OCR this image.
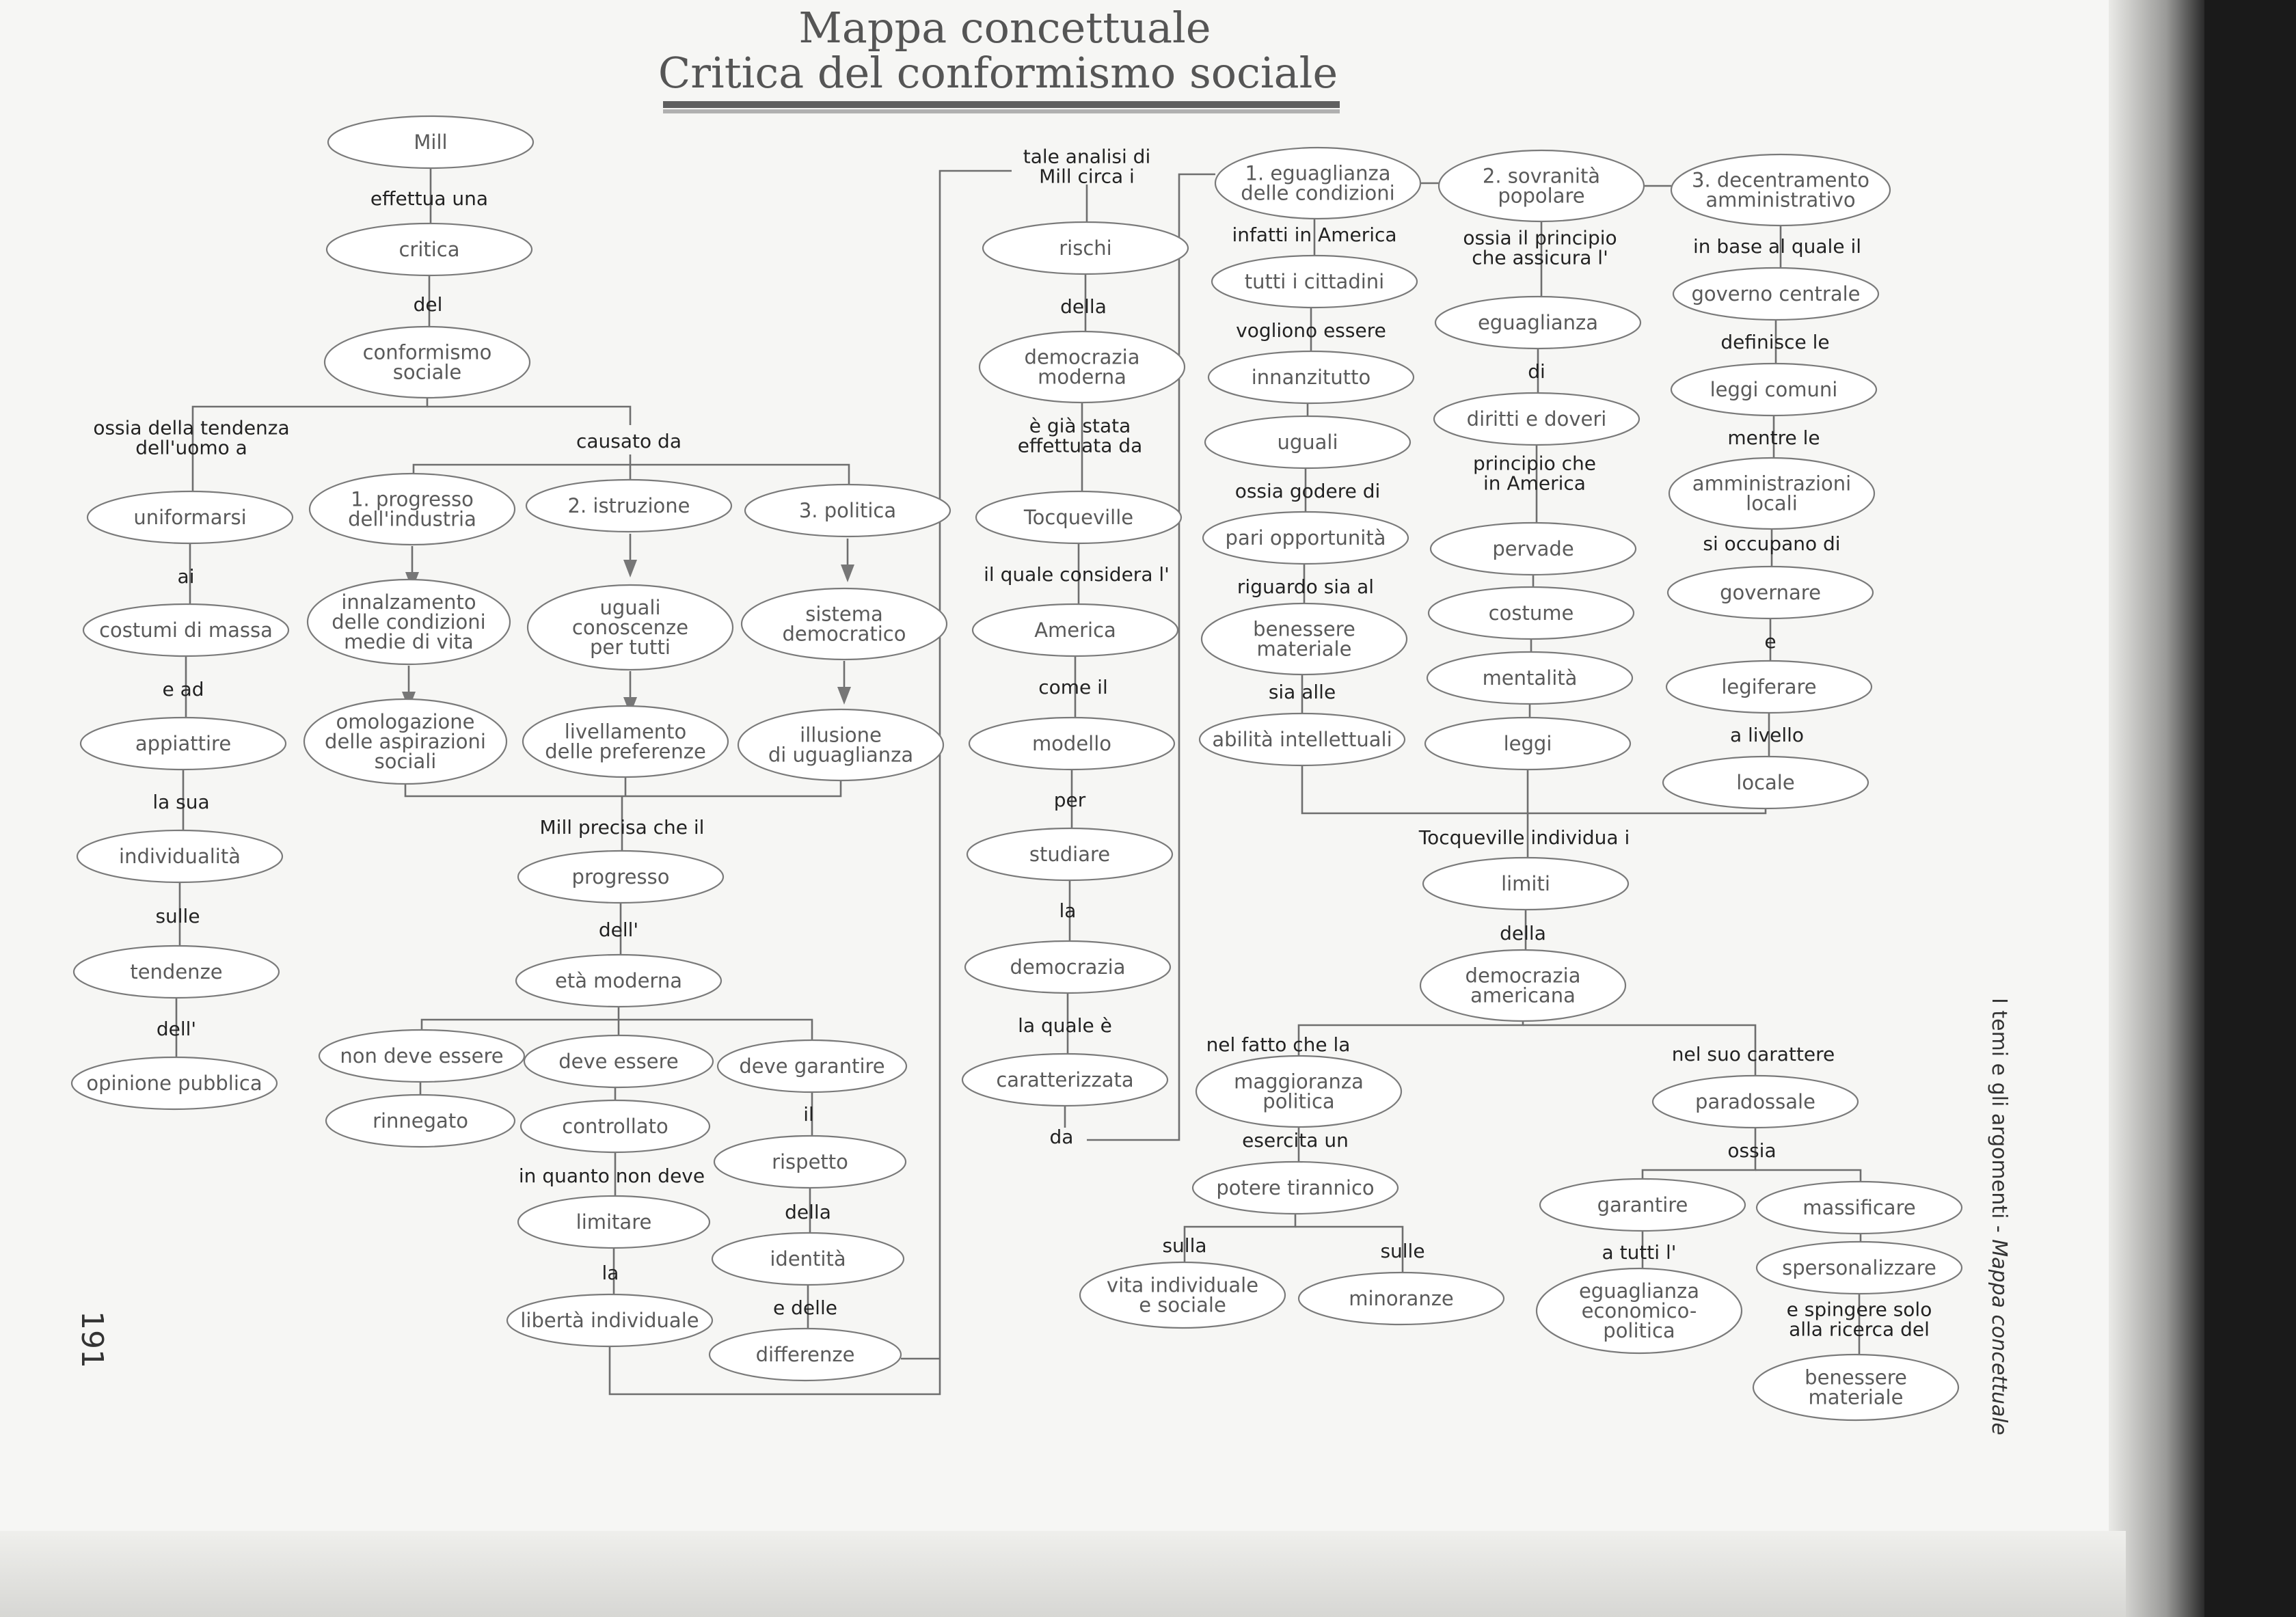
Mappa concettuale
Critica del conformismo sociale
Mill
critica
conformismo
sociale
uniformarsi
costumi di massa
appiattire
individualità
tendenze
opinione pubblica
1. progresso
dell'industria
2. istruzione	3. politica
innalzamento
delle condizioni
medie di vita
uguali
conoscenze
per tutti
sistema
democratico
omologazione
delle aspirazioni
sociali
livellamento
delle preferenze
illusione
di uguaglianza
progresso
età moderna
non deve essere	deve essere	deve garantire
rinnegato	controllato
rispetto
limitare
identità
libertà individuale
differenze
rischi
democrazia
moderna
Tocqueville
America
modello
studiare
democrazia
caratterizzata
1. eguaglianza
delle condizioni
tutti i cittadini
innanzitutto
uguali
pari opportunità
benessere
materiale
abilità intellettuali
2. sovranità
popolare
eguaglianza
diritti e doveri
pervade
costume
mentalità
leggi
3. decentramento
amministrativo
governo centrale
leggi comuni
amministrazioni
locali
governare
legiferare
locale
limiti
democrazia
americana
maggioranza
politica
potere tirannico
vita individuale
e sociale	minoranze
paradossale
garantire	massificare
eguaglianza
economico-
politica
spersonalizzare
benessere
materiale
effettua una
del
ossia della tendenza
dell'uomo a	causato da
ai
e ad
la sua
sulle
dell'
Mill precisa che il
dell'
in quanto non deve
la
il
della
e delle
tale analisi di
Mill circa i
della
è già stata
effettuata da
il quale considera l'
come il
per
la
la quale è
da
infatti in America
vogliono essere
ossia godere di
riguardo sia al
sia alle
ossia il principio
che assicura l'
di
principio che
in America
in base al quale il
definisce le
mentre le
si occupano di
e
a livello
Tocqueville individua i
della
nel fatto che la
esercita un
sulla	sulle
nel suo carattere
ossia
a tutti l'
e spingere solo
alla ricerca del
191
I temi e gli argomenti - Mappa concettuale
